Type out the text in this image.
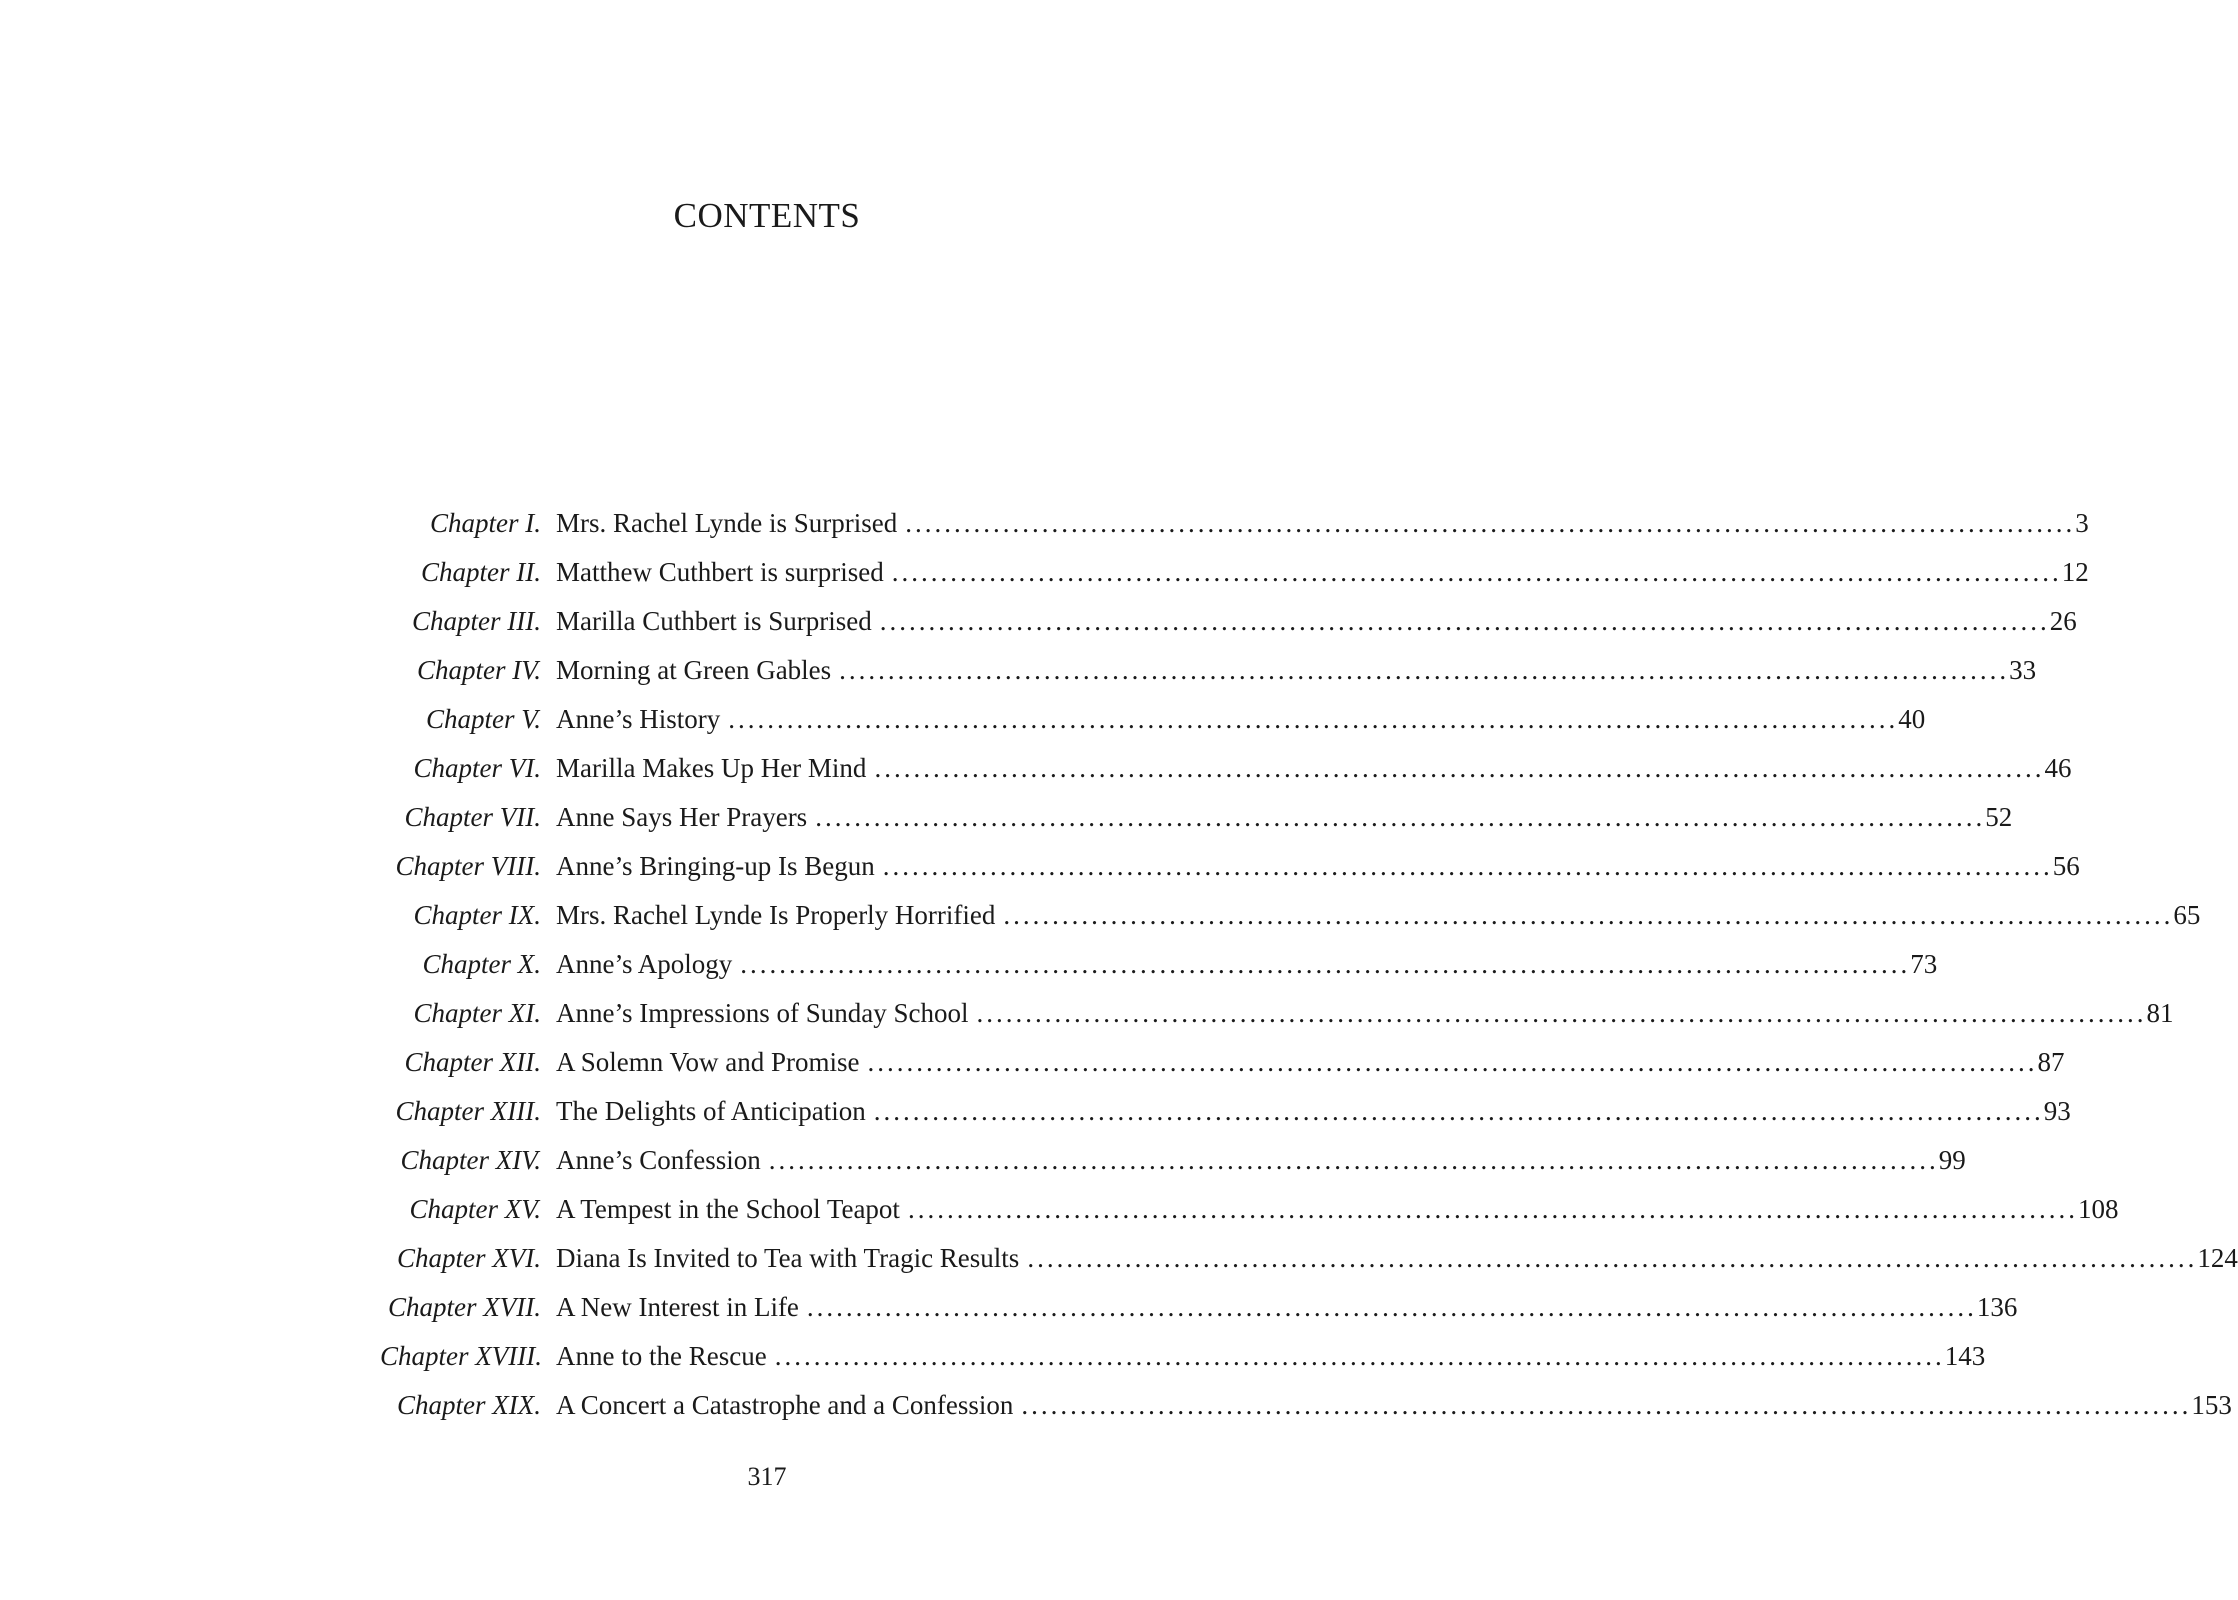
CONTENTS
Chapter I. Mrs. Rachel Lynde is Surprised ........................................................................................................................ 3
Chapter II. Matthew Cuthbert is surprised ........................................................................................................................ 12
Chapter III. Marilla Cuthbert is Surprised ........................................................................................................................ 26
Chapter IV. Morning at Green Gables ........................................................................................................................ 33
Chapter V. Anne’s History ........................................................................................................................ 40
Chapter VI. Marilla Makes Up Her Mind ........................................................................................................................ 46
Chapter VII. Anne Says Her Prayers ........................................................................................................................ 52
Chapter VIII. Anne’s Bringing-up Is Begun ........................................................................................................................ 56
Chapter IX. Mrs. Rachel Lynde Is Properly Horrified ........................................................................................................................ 65
Chapter X. Anne’s Apology ........................................................................................................................ 73
Chapter XI. Anne’s Impressions of Sunday School ........................................................................................................................ 81
Chapter XII. A Solemn Vow and Promise ........................................................................................................................ 87
Chapter XIII. The Delights of Anticipation ........................................................................................................................ 93
Chapter XIV. Anne’s Confession ........................................................................................................................ 99
Chapter XV. A Tempest in the School Teapot ........................................................................................................................ 108
Chapter XVI. Diana Is Invited to Tea with Tragic Results ........................................................................................................................ 124
Chapter XVII. A New Interest in Life ........................................................................................................................ 136
Chapter XVIII. Anne to the Rescue ........................................................................................................................ 143
Chapter XIX. A Concert a Catastrophe and a Confession ........................................................................................................................ 153

317
